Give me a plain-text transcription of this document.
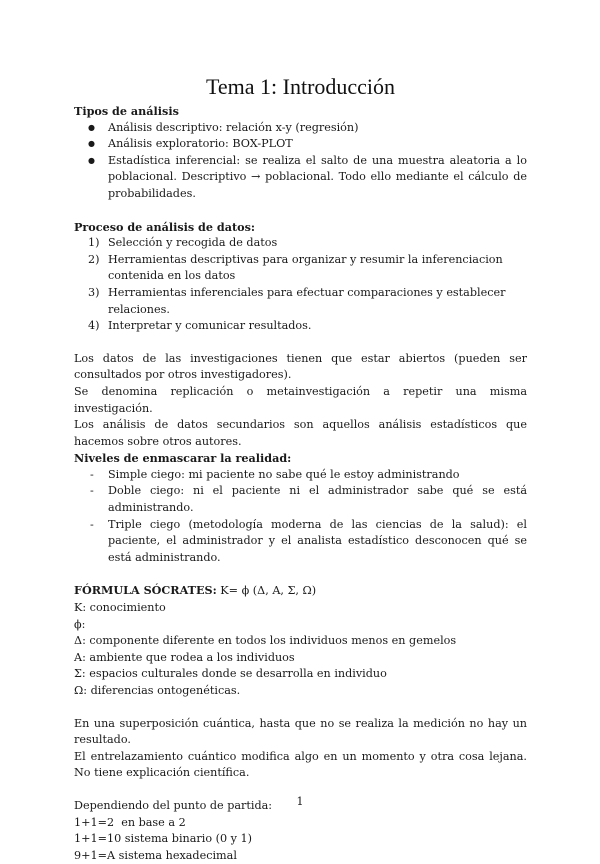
Tema 1: Introducción

Tipos de análisis

● Análisis descriptivo: relación x-y (regresión)
● Análisis exploratorio: BOX-PLOT
● Estadística inferencial: se realiza el salto de una muestra aleatoria a lo poblacional. Descriptivo → poblacional. Todo ello mediante el cálculo de probabilidades.

Proceso de análisis de datos:

1) Selección y recogida de datos
2) Herramientas descriptivas para organizar y resumir la inferenciacion contenida en los datos
3) Herramientas inferenciales para efectuar comparaciones y establecer relaciones.
4) Interpretar y comunicar resultados.

Los datos de las investigaciones tienen que estar abiertos (pueden ser consultados por otros investigadores).

Se denomina replicación o metainvestigación a repetir una misma investigación.

Los análisis de datos secundarios son aquellos análisis estadísticos que hacemos sobre otros autores.

Niveles de enmascarar la realidad:

- Simple ciego: mi paciente no sabe qué le estoy administrando
- Doble ciego: ni el paciente ni el administrador sabe qué se está administrando.
- Triple ciego (metodología moderna de las ciencias de la salud): el paciente, el administrador y el analista estadístico desconocen qué se está administrando.

FÓRMULA SÓCRATES: K= ϕ (Δ, Α, Σ, Ω)

K: conocimiento

ϕ:

Δ: componente diferente en todos los individuos menos en gemelos

Α: ambiente que rodea a los individuos

Σ: espacios culturales donde se desarrolla en individuo

Ω: diferencias ontogenéticas.

En una superposición cuántica, hasta que no se realiza la medición no hay un resultado.

El entrelazamiento cuántico modifica algo en un momento y otra cosa lejana. No tiene explicación científica.

Dependiendo del punto de partida:

1+1=2  en base a 2

1+1=10 sistema binario (0 y 1)

9+1=A sistema hexadecimal

1
